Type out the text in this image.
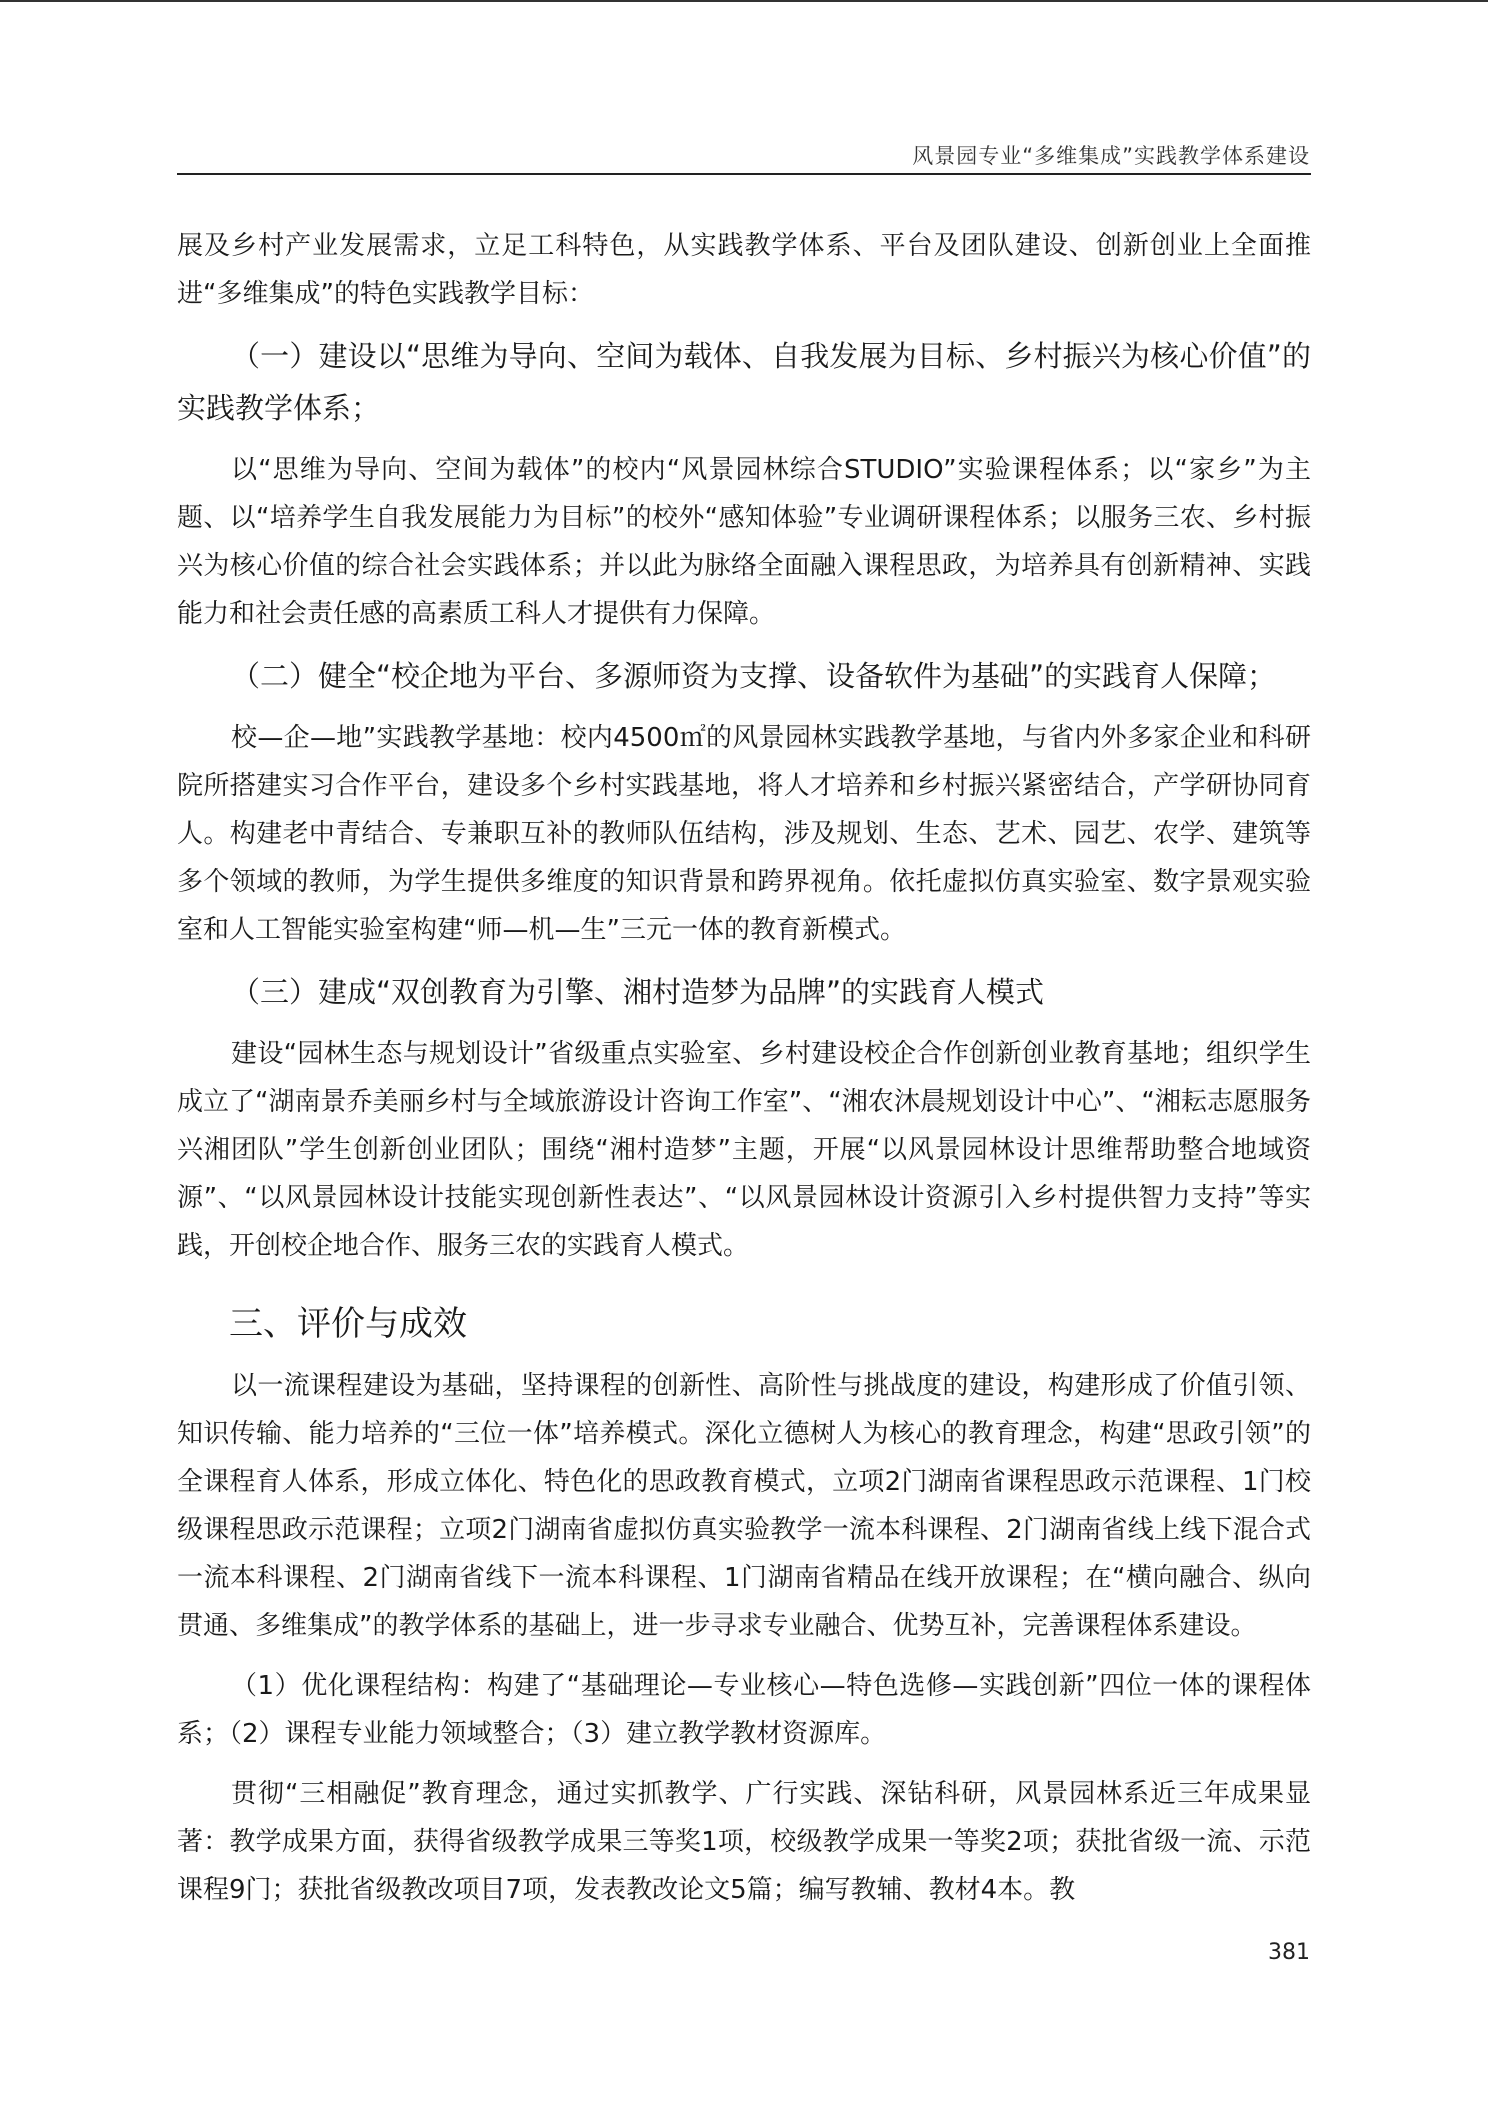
风景园专业“多维集成”实践教学体系建设

展及乡村产业发展需求，立足工科特色，从实践教学体系、平台及团队建设、创新创业上全面推进“多维集成”的特色实践教学目标：

（一）建设以“思维为导向、空间为载体、自我发展为目标、乡村振兴为核心价值”的实践教学体系；

以“思维为导向、空间为载体”的校内“风景园林综合STUDIO”实验课程体系；以“家乡”为主题、以“培养学生自我发展能力为目标”的校外“感知体验”专业调研课程体系；以服务三农、乡村振兴为核心价值的综合社会实践体系；并以此为脉络全面融入课程思政，为培养具有创新精神、实践能力和社会责任感的高素质工科人才提供有力保障。

（二）健全“校企地为平台、多源师资为支撑、设备软件为基础”的实践育人保障；

校—企—地”实践教学基地：校内4500㎡的风景园林实践教学基地，与省内外多家企业和科研院所搭建实习合作平台，建设多个乡村实践基地，将人才培养和乡村振兴紧密结合，产学研协同育人。构建老中青结合、专兼职互补的教师队伍结构，涉及规划、生态、艺术、园艺、农学、建筑等多个领域的教师，为学生提供多维度的知识背景和跨界视角。依托虚拟仿真实验室、数字景观实验室和人工智能实验室构建“师—机—生”三元一体的教育新模式。

（三）建成“双创教育为引擎、湘村造梦为品牌”的实践育人模式

建设“园林生态与规划设计”省级重点实验室、乡村建设校企合作创新创业教育基地；组织学生成立了“湖南景乔美丽乡村与全域旅游设计咨询工作室”、“湘农沐晨规划设计中心”、“湘耘志愿服务兴湘团队”学生创新创业团队；围绕“湘村造梦”主题，开展“以风景园林设计思维帮助整合地域资源”、“以风景园林设计技能实现创新性表达”、“以风景园林设计资源引入乡村提供智力支持”等实践，开创校企地合作、服务三农的实践育人模式。

三、评价与成效

以一流课程建设为基础，坚持课程的创新性、高阶性与挑战度的建设，构建形成了价值引领、知识传输、能力培养的“三位一体”培养模式。深化立德树人为核心的教育理念，构建“思政引领”的全课程育人体系，形成立体化、特色化的思政教育模式，立项2门湖南省课程思政示范课程、1门校级课程思政示范课程；立项2门湖南省虚拟仿真实验教学一流本科课程、2门湖南省线上线下混合式一流本科课程、2门湖南省线下一流本科课程、1门湖南省精品在线开放课程；在“横向融合、纵向贯通、多维集成”的教学体系的基础上，进一步寻求专业融合、优势互补，完善课程体系建设。

（1）优化课程结构：构建了“基础理论—专业核心—特色选修—实践创新”四位一体的课程体系；（2）课程专业能力领域整合；（3）建立教学教材资源库。

贯彻“三相融促”教育理念，通过实抓教学、广行实践、深钻科研，风景园林系近三年成果显著：教学成果方面，获得省级教学成果三等奖1项，校级教学成果一等奖2项；获批省级一流、示范课程9门；获批省级教改项目7项，发表教改论文5篇；编写教辅、教材4本。教

381
